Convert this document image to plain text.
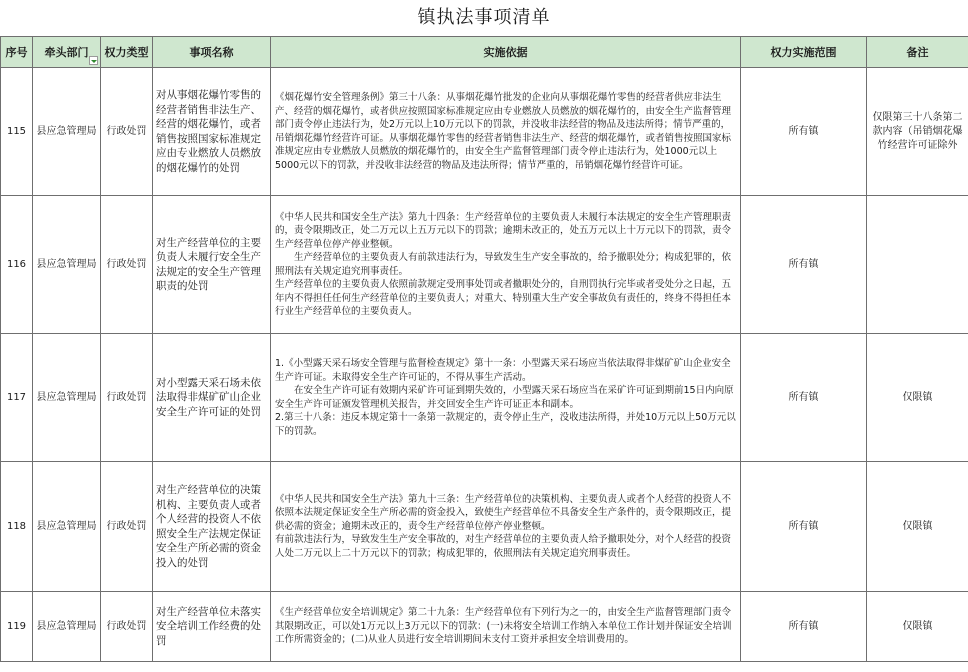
镇执法事项清单
序号	牵头部门	权力类型	事项名称	实施依据	权力实施范围	备注
115	县应急管理局	行政处罚	对从事烟花爆竹零售的经营者销售非法生产、经营的烟花爆竹，或者销售按照国家标准规定应由专业燃放人员燃放的烟花爆竹的处罚	《烟花爆竹安全管理条例》第三十八条：从事烟花爆竹批发的企业向从事烟花爆竹零售的经营者供应非法生产、经营的烟花爆竹，或者供应按照国家标准规定应由专业燃放人员燃放的烟花爆竹的，由安全生产监督管理部门责令停止违法行为，处2万元以上10万元以下的罚款，并没收非法经营的物品及违法所得；情节严重的，吊销烟花爆竹经营许可证。从事烟花爆竹零售的经营者销售非法生产、经营的烟花爆竹，或者销售按照国家标准规定应由专业燃放人员燃放的烟花爆竹的，由安全生产监督管理部门责令停止违法行为，处1000元以上5000元以下的罚款，并没收非法经营的物品及违法所得；情节严重的，吊销烟花爆竹经营许可证。	所有镇	仅限第三十八条第二款内容（吊销烟花爆竹经营许可证除外
116	县应急管理局	行政处罚	对生产经营单位的主要负责人未履行安全生产法规定的安全生产管理职责的处罚	《中华人民共和国安全生产法》第九十四条：生产经营单位的主要负责人未履行本法规定的安全生产管理职责的，责令限期改正，处二万元以上五万元以下的罚款；逾期未改正的，处五万元以上十万元以下的罚款，责令生产经营单位停产停业整顿。

生产经营单位的主要负责人有前款违法行为，导致发生生产安全事故的，给予撤职处分；构成犯罪的，依照刑法有关规定追究刑事责任。

生产经营单位的主要负责人依照前款规定受刑事处罚或者撤职处分的，自刑罚执行完毕或者受处分之日起，五年内不得担任任何生产经营单位的主要负责人；对重大、特别重大生产安全事故负有责任的，终身不得担任本行业生产经营单位的主要负责人。	所有镇	
117	县应急管理局	行政处罚	对小型露天采石场未依法取得非煤矿矿山企业安全生产许可证的处罚	1.《小型露天采石场安全管理与监督检查规定》第十一条：小型露天采石场应当依法取得非煤矿矿山企业安全生产许可证。未取得安全生产许可证的，不得从事生产活动。

在安全生产许可证有效期内采矿许可证到期失效的，小型露天采石场应当在采矿许可证到期前15日内向原安全生产许可证颁发管理机关报告，并交回安全生产许可证正本和副本。

2.第三十八条：违反本规定第十一条第一款规定的，责令停止生产，没收违法所得，并处10万元以上50万元以下的罚款。	所有镇	仅限镇
118	县应急管理局	行政处罚	对生产经营单位的决策机构、主要负责人或者个人经营的投资人不依照安全生产法规定保证安全生产所必需的资金投入的处罚	《中华人民共和国安全生产法》第九十三条：生产经营单位的决策机构、主要负责人或者个人经营的投资人不依照本法规定保证安全生产所必需的资金投入，致使生产经营单位不具备安全生产条件的，责令限期改正，提供必需的资金；逾期未改正的，责令生产经营单位停产停业整顿。

有前款违法行为，导致发生生产安全事故的，对生产经营单位的主要负责人给予撤职处分，对个人经营的投资人处二万元以上二十万元以下的罚款；构成犯罪的，依照刑法有关规定追究刑事责任。	所有镇	仅限镇
119	县应急管理局	行政处罚	对生产经营单位未落实安全培训工作经费的处罚	《生产经营单位安全培训规定》第二十九条：生产经营单位有下列行为之一的，由安全生产监督管理部门责令其限期改正，可以处1万元以上3万元以下的罚款：(一)未将安全培训工作纳入本单位工作计划并保证安全培训工作所需资金的；(二)从业人员进行安全培训期间未支付工资并承担安全培训费用的。	所有镇	仅限镇
